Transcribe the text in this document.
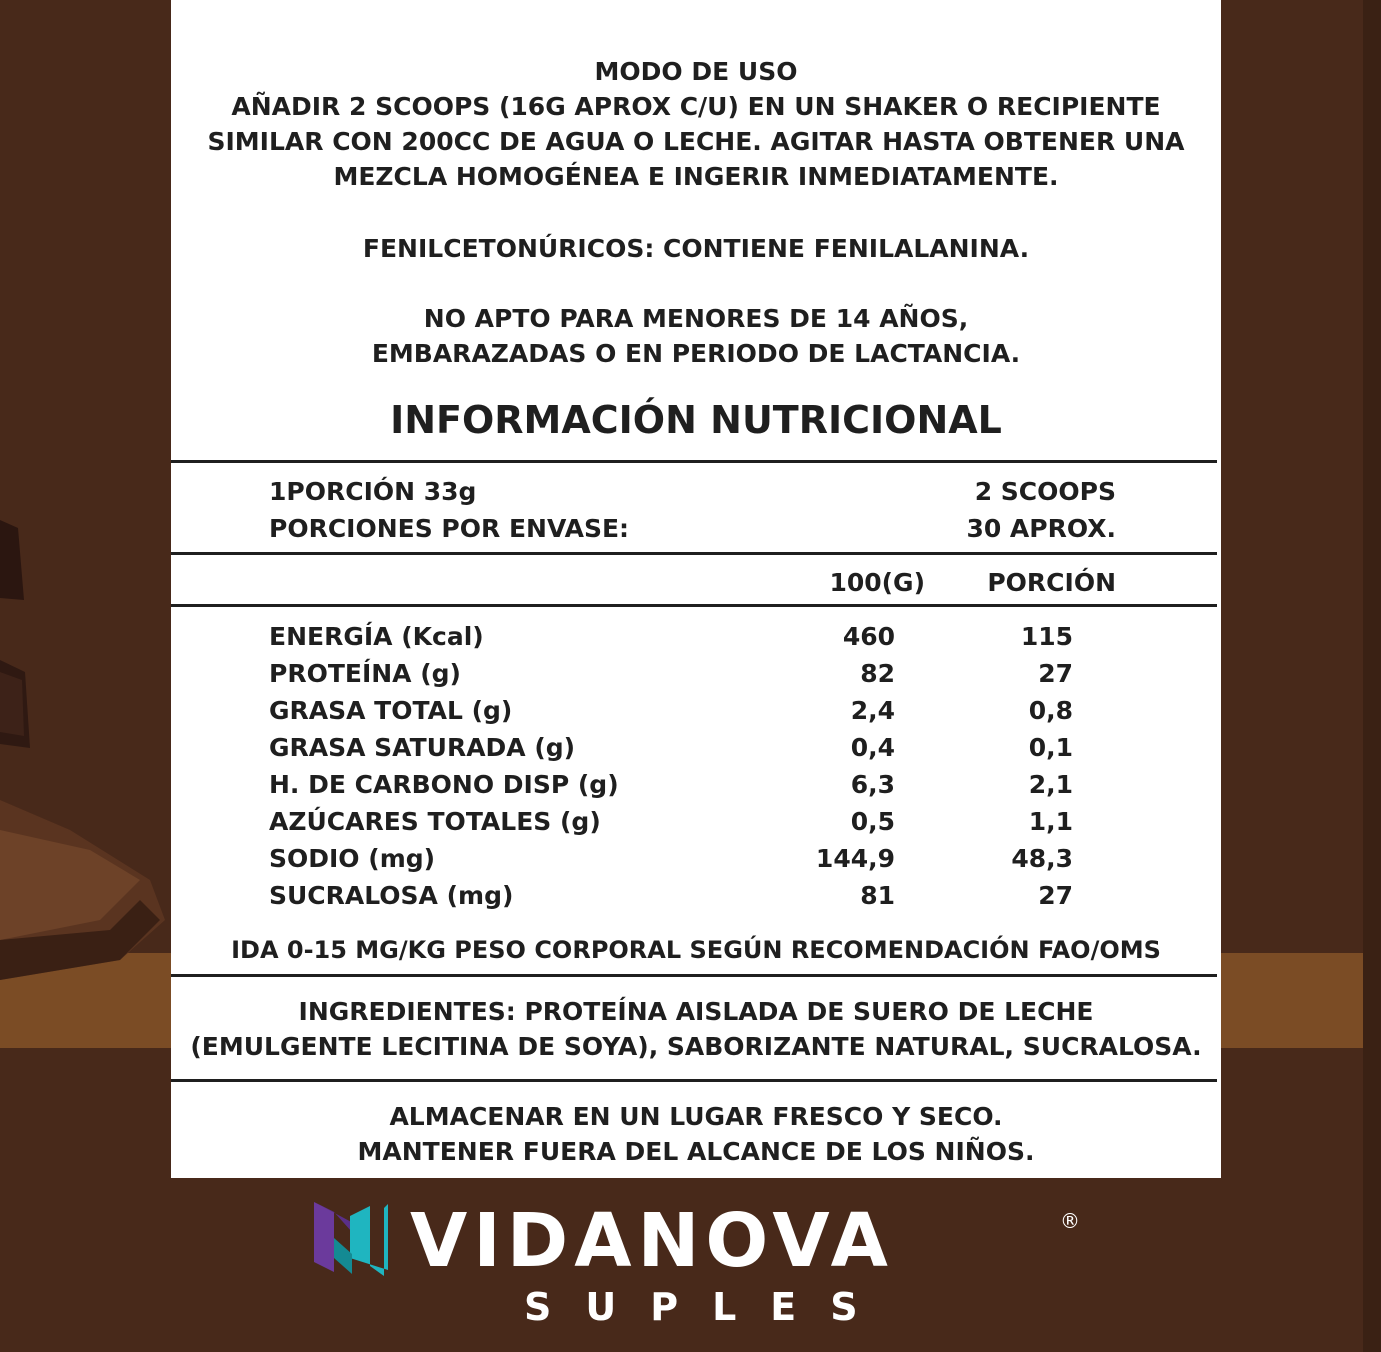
MODO DE USO
AÑADIR 2 SCOOPS (16G APROX C/U) EN UN SHAKER O RECIPIENTE
SIMILAR CON 200CC DE AGUA O LECHE. AGITAR HASTA OBTENER UNA
MEZCLA HOMOGÉNEA E INGERIR INMEDIATAMENTE.
FENILCETONÚRICOS: CONTIENE FENILALANINA.
NO APTO PARA MENORES DE 14 AÑOS,
EMBARAZADAS O EN PERIODO DE LACTANCIA.
INFORMACIÓN NUTRICIONAL
1PORCIÓN 33g	2 SCOOPS
PORCIONES POR ENVASE:	30 APROX.
100(G) PORCIÓN
ENERGÍA (Kcal)	460	115
PROTEÍNA (g)	82	27
GRASA TOTAL (g)	2,4	0,8
GRASA SATURADA (g)	0,4	0,1
H. DE CARBONO DISP (g)	6,3	2,1
AZÚCARES TOTALES (g)	0,5	1,1
SODIO (mg)	144,9	48,3
SUCRALOSA (mg)	81	27
IDA 0-15 MG/KG PESO CORPORAL SEGÚN RECOMENDACIÓN FAO/OMS
INGREDIENTES: PROTEÍNA AISLADA DE SUERO DE LECHE
(EMULGENTE LECITINA DE SOYA), SABORIZANTE NATURAL, SUCRALOSA.
ALMACENAR EN UN LUGAR FRESCO Y SECO.
MANTENER FUERA DEL ALCANCE DE LOS NIÑOS.
VIDANOVA	®
SUPLES
